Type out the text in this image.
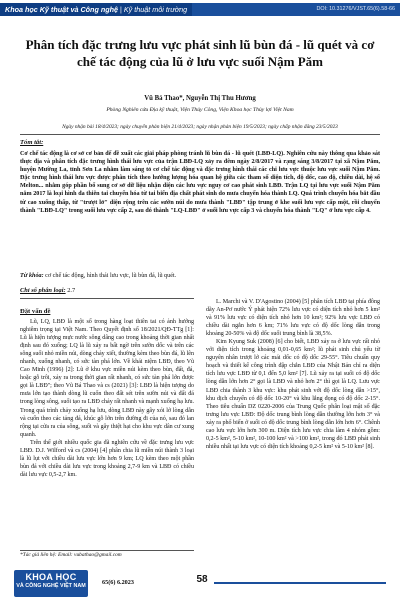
Khoa học Kỹ thuật và Công nghệ | Kỹ thuật môi trường	DOI: 10.31276/VJST.65(6).58-66
Phân tích đặc trưng lưu vực phát sinh lũ bùn đá - lũ quét và cơ chế tác động của lũ ở lưu vực suối Nậm Păm
Vũ Bá Thao*, Nguyễn Thị Thu Hương
Phòng Nghiên cứu Địa kỹ thuật, Viện Thủy Công, Viện Khoa học Thủy lợi Việt Nam
Ngày nhận bài 18/4/2023; ngày chuyển phản biện 21/4/2023; ngày nhận phản biện 19/5/2023; ngày chấp nhận đăng 23/5/2023
Tóm tắt:
Cơ chế tác động là cơ sở cơ bản để đề xuất các giải pháp phòng tránh lũ bùn đá - lũ quét (LBĐ-LQ). Nghiên cứu này thông qua khảo sát thực địa và phân tích đặc trưng hình thái lưu vực của trận LBĐ-LQ xảy ra đêm ngày 2/8/2017 và rạng sáng 3/8/2017 tại xã Nậm Păm, huyện Mường La, tỉnh Sơn La nhằm làm sáng tỏ cơ chế tác động và đặc trưng hình thái các chi lưu vực thuộc lưu vực suối Nậm Păm. Đặc trưng hình thái lưu vực được phân tích theo hướng lượng hóa quan hệ giữa các tham số diện tích, độ dốc, cao độ, chiều dài, hệ số Melton... nhằm góp phần bổ sung cơ sở dữ liệu nhận diện các lưu vực nguy cơ cao phát sinh LBĐ. Trận LQ tại lưu vực suối Nậm Păm năm 2017 là loại hình đa thiên tai chuyển hóa từ tai biến địa chất phát sinh do mưa chuyển hóa thành LQ. Quá trình chuyển hóa bắt đầu từ cao xuống thấp, từ "trượt lở" diện rộng trên các sườn núi do mưa thành "LBĐ" tập trung ở khe suối lưu vực cấp một, rồi chuyển thành "LBĐ-LQ" trong suối lưu vực cấp 2, sau đó thành "LQ-LBĐ" ở suối lưu vực cấp 3 và chuyển hóa thành "LQ" ở lưu vực cấp 4.
Từ khóa: cơ chế tác động, hình thái lưu vực, lũ bùn đá, lũ quét.
Chỉ số phân loại: 2.7
Đặt vấn đề

Lũ, LQ, LBĐ là một số trong hàng loạt thiên tai có ảnh hưởng nghiêm trọng tại Việt Nam. Theo Quyết định số 18/2021/QĐ-TTg [1]: Lũ là hiện tượng mực nước sông dâng cao trong khoảng thời gian nhất định sau đó xuống; LQ là lũ xảy ra bất ngờ trên sườn dốc và trên các sông suối nhỏ miền núi, dòng chảy xiết, thường kèm theo bùn đá, lũ lên nhanh, xuống nhanh, có sức tàn phá lớn. Về khái niệm LBĐ, theo Vũ Cao Minh (1996) [2]: Lũ ở khu vực miền núi kèm theo bùn, đất, đá, hoặc gỗ trôi, xảy ra trong thời gian rất nhanh, có sức tàn phá lớn được gọi là LBĐ"; theo Vũ Bá Thao và cs (2021) [3]: LBĐ là hiện tượng do mưa lớn tạo thành dòng lũ cuốn theo đất sét trên sườn núi và đất đá trong lòng sông, suối tạo ra LBĐ chảy rất nhanh và mạnh xuống hạ lưu. Trong quá trình chảy xuống hạ lưu, dòng LBĐ này gây xói lở lòng dẫn và cuốn theo các tảng đá, khúc gỗ lớn trên đường đi của nó, sau đó lan rộng tại cửa ra của sông, suối và gây thiệt hại cho khu vực dân cư xung quanh.

Trên thế giới nhiều quốc gia đã nghiên cứu về đặc trưng lưu vực LBĐ. D.J. Wilford và cs (2004) [4] phân chia lũ miền núi thành 3 loại là lũ lụt với chiều dài lưu vực lớn hơn 9 km; LQ kèm theo một phần bùn đá với chiều dài lưu vực trong khoảng 2,7-9 km và LBĐ có chiều dài lưu vực 0,5-2,7 km.

L. Marchi và V. D'Agostino (2004) [5] phân tích LBĐ tại phía đông dãy An-Pơ nước Ý phát hiện 72% lưu vực có diện tích nhỏ hơn 5 km² và 91% lưu vực có diện tích nhỏ hơn 10 km²; 92% lưu vực LBĐ có chiều dài ngắn hơn 6 km; 71% lưu vực có độ dốc lòng dẫn trong khoảng 20-50% và độ dốc suối trung bình là 38,5%.

Kim Kyung Suk (2008) [6] cho biết, LBĐ xảy ra ở lưu vực rất nhỏ với diện tích trong khoảng 0,01-0,65 km²; lũ phát sinh chủ yếu từ nguyên nhân trượt lở các mái dốc có độ dốc 29-55°. Tiêu chuẩn quy hoạch và thiết kế công trình đập chắn LBĐ của Nhật Bản chỉ ra diện tích lưu vực LBĐ từ 0,1 đến 5,0 km² [7]. Lũ xảy ra tại suối có độ dốc lòng dẫn lớn hơn 2° gọi là LBĐ và nhỏ hơn 2° thì gọi là LQ. Lưu vực LBĐ chia thành 3 khu vực: khu phát sinh với độ dốc lòng dẫn >15°, khu dịch chuyển có độ dốc 10-20° và khu lắng đọng có độ dốc 2-15°. Theo tiêu chuẩn DZ 0220-2006 của Trung Quốc phân loại mật số đặc trưng lưu vực LBĐ: Độ dốc trung bình lòng dẫn thường lớn hơn 3° và xảy ra phổ biến ở suối có độ dốc trung bình lòng dẫn lớn hơn 6°. Chênh cao lưu vực lớn hơn 300 m. Diện tích lưu vực chia làm 4 nhóm gồm: 0,2-5 km², 5-10 km², 10-100 km² và >100 km², trong đó LBĐ phát sinh nhiều nhất tại lưu vực có diện tích khoảng 0,2-5 km² và 5-10 km² [8].

*Tác giả liên hệ: Email: vubathao@gmail.com
KHOA HỌC
VÀ CÔNG NGHỆ VIỆT NAM	65(6) 6.2023	58
